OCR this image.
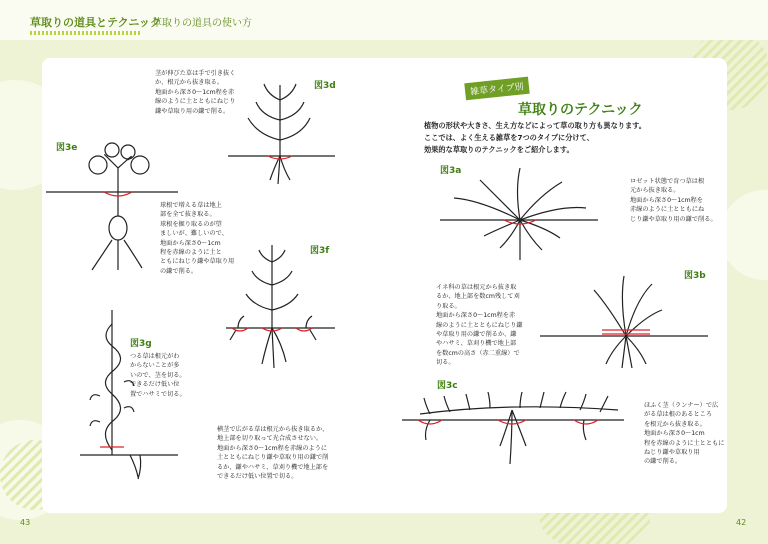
草取りの道具とテクニック
草取りの道具の使い方
図3d
茎が伸びた草は手で引き抜く
か、根元から抜き取る。
地面から深さ0〜1cm程を赤
線のように土とともにねじり
鎌や草取り用の鎌で削る。
図3e
球根で増える草は地上
部を全て抜き取る。
球根を掘り取るのが望
ましいが、難しいので、
地面から深さ0〜1cm
程を赤線のように土と
ともにねじり鎌や草取り用
の鎌で削る。
図3f
横茎で広がる草は根元から抜き取るか、
地上部を切り取って光合成させない。
地面から深さ0〜1cm程を赤線のように
土とともにねじり鎌や草取り用の鎌で削
るか、鎌やハサミ、草刈り機で地上部を
できるだけ低い位置で切る。
図3g
つる草は根元がわ
からないことが多
いので、茎を切る。
できるだけ低い位
置でハサミで切る。
雑草タイプ別
草取りのテクニック
植物の形状や大きさ、生え方などによって草の取り方も異なります。
ここでは、よく生える雑草を7つのタイプに分けて、
効果的な草取りのテクニックをご紹介します。
図3a
ロゼット状態で育つ草は根
元から抜き取る。
地面から深さ0〜1cm程を
赤線のように土とともにね
じり鎌や草取り用の鎌で削る。
図3b
イネ科の草は根元から抜き取
るか、地上部を数cm残して刈
り取る。
地面から深さ0〜1cm程を赤
線のように土とともにねじり鎌
や草取り用の鎌で削るか、鎌
やハサミ、草刈り機で地上部
を数cmの高さ（赤二重線）で
切る。
図3c
ほふく茎（ランナー）で広
がる草は根のあるところ
を根元から抜き取る。
地面から深さ0〜1cm
程を赤線のように土とともに
ねじり鎌や草取り用
の鎌で削る。
43	42
